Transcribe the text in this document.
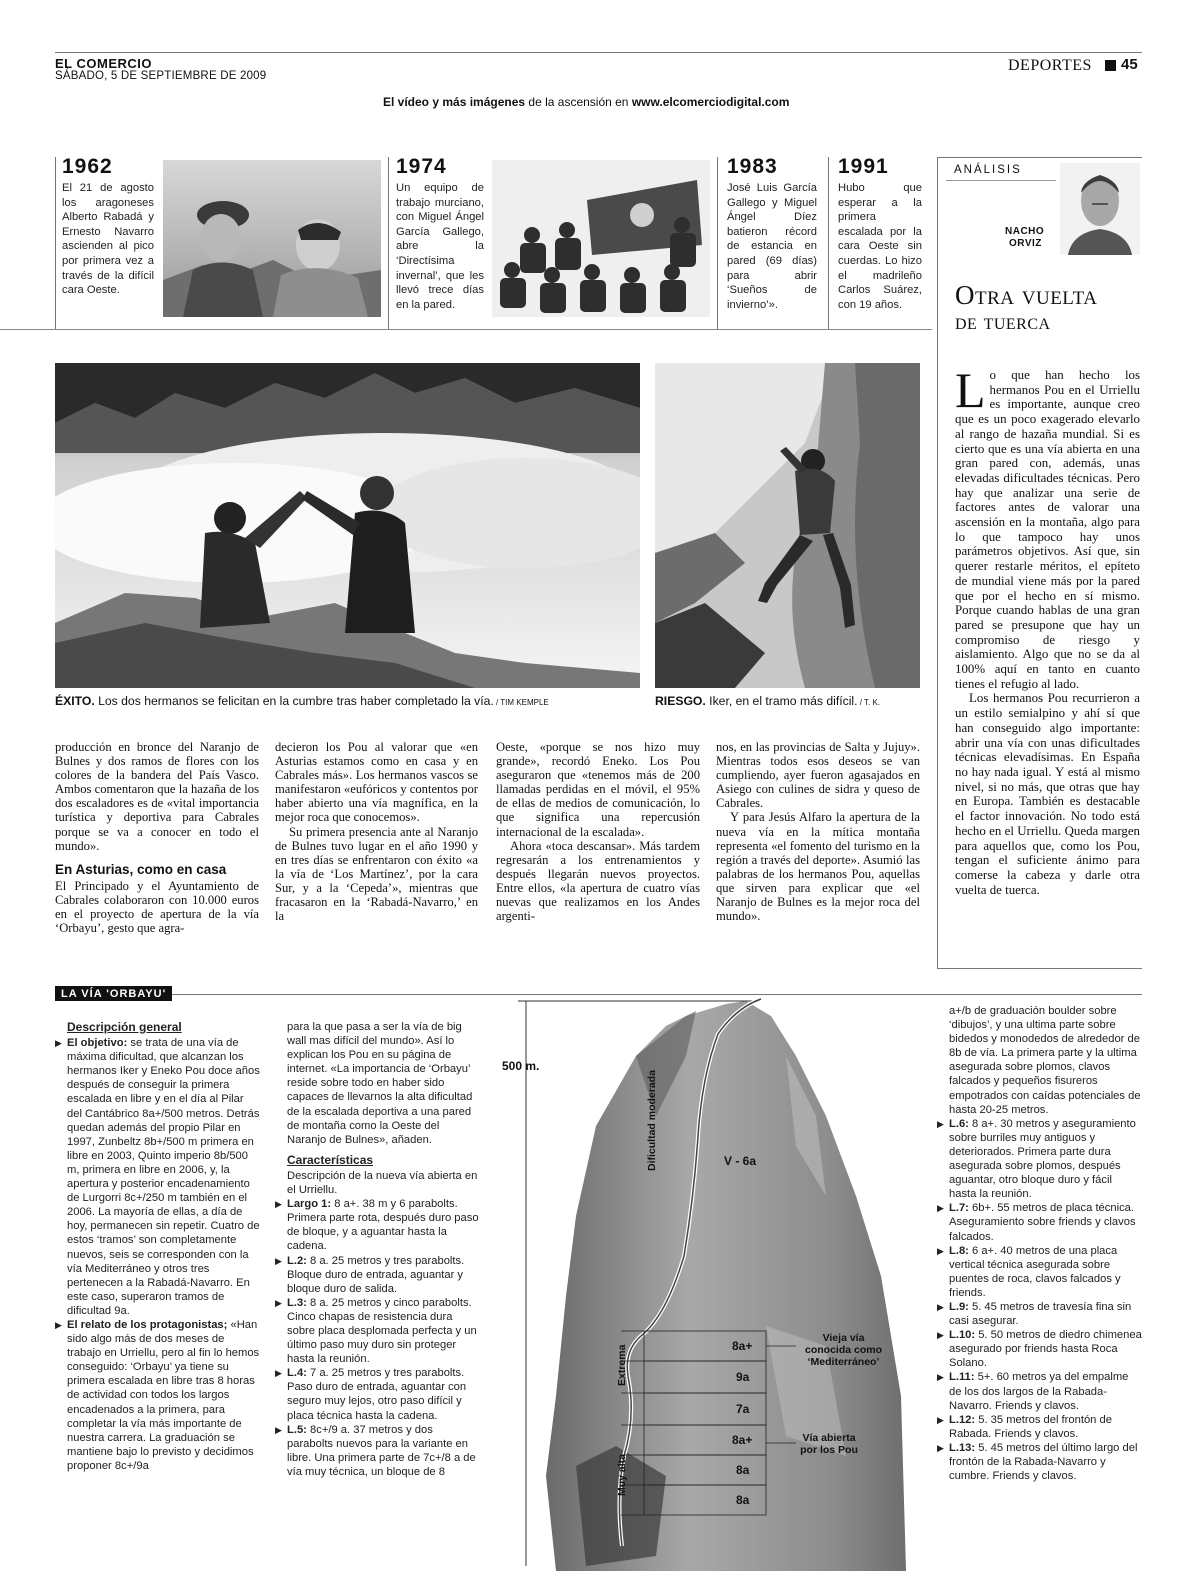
EL COMERCIO
SÁBADO, 5 DE SEPTIEMBRE DE 2009
DEPORTES 45
El vídeo y más imágenes de la ascensión en www.elcomerciodigital.com
1962
El 21 de agosto los aragoneses Alberto Rabadá y Ernesto Navarro ascienden al pico por primera vez a través de la difícil cara Oeste.
1974
Un equipo de trabajo murciano, con Miguel Ángel García Gallego, abre la ‘Directísima invernal’, que les llevó trece días en la pared.
1983
José Luis García Gallego y Miguel Ángel Díez batieron récord de estancia en pared (69 días) para abrir ‘Sueños de invierno’».
1991
Hubo que esperar a la primera escalada por la cara Oeste sin cuerdas. Lo hizo el madrileño Carlos Suárez, con 19 años.
ANÁLISIS
NACHO
ORVIZ
Otra vuelta
de tuerca

Lo que han hecho los hermanos Pou en el Urriellu es importante, aunque creo que es un poco exagerado elevarlo al rango de hazaña mundial. Si es cierto que es una vía abierta en una gran pared con, además, unas elevadas dificultades técnicas. Pero hay que analizar una serie de factores antes de valorar una ascensión en la montaña, algo para lo que tampoco hay unos parámetros objetivos. Así que, sin querer restarle méritos, el epíteto de mundial viene más por la pared que por el hecho en sí mismo. Porque cuando hablas de una gran pared se presupone que hay un compromiso de riesgo y aislamiento. Algo que no se da al 100% aquí en tanto en cuanto tienes el refugio al lado.

Los hermanos Pou recurrieron a un estilo semialpino y ahí sí que han conseguido algo importante: abrir una vía con unas dificultades técnicas elevadísimas. En España no hay nada igual. Y está al mismo nivel, si no más, que otras que hay en Europa. También es destacable el factor innovación. No todo está hecho en el Urriellu. Queda margen para aquellos que, como los Pou, tengan el suficiente ánimo para comerse la cabeza y darle otra vuelta de tuerca.

ÉXITO. Los dos hermanos se felicitan en la cumbre tras haber completado la vía. / TIM KEMPLE	RIESGO. Iker, en el tramo más difícil. / T. K.

producción en bronce del Naranjo de Bulnes y dos ramos de flores con los colores de la bandera del País Vasco. Ambos comentaron que la hazaña de los dos escaladores es de «vital importancia turística y deportiva para Cabrales porque se va a conocer en todo el mundo».

En Asturias, como en casa

El Principado y el Ayuntamiento de Cabrales colaboraron con 10.000 euros en el proyecto de apertura de la vía ‘Orbayu’, gesto que agra-

decieron los Pou al valorar que «en Asturias estamos como en casa y en Cabrales más». Los hermanos vascos se manifestaron «eufóricos y contentos por haber abierto una vía magnífica, en la mejor roca que conocemos».

Su primera presencia ante al Naranjo de Bulnes tuvo lugar en el año 1990 y en tres días se enfrentaron con éxito «a la vía de ‘Los Martínez’, por la cara Sur, y a la ‘Cepeda’», mientras que fracasaron en la ‘Rabadá-Navarro,’ en la

Oeste, «porque se nos hizo muy grande», recordó Eneko. Los Pou aseguraron que «tenemos más de 200 llamadas perdidas en el móvil, el 95% de ellas de medios de comunicación, lo que significa una repercusión internacional de la escalada».

Ahora «toca descansar». Más tardem regresarán a los entrenamientos y después llegarán nuevos proyectos. Entre ellos, «la apertura de cuatro vías nuevas que realizamos en los Andes argenti-

nos, en las provincias de Salta y Jujuy». Mientras todos esos deseos se van cumpliendo, ayer fueron agasajados en Asiego con culines de sidra y queso de Cabrales.

Y para Jesús Alfaro la apertura de la nueva vía en la mítica montaña representa «el fomento del turismo en la región a través del deporte». Asumió las palabras de los hermanos Pou, aquellas que sirven para explicar que «el Naranjo de Bulnes es la mejor roca del mundo».

LA VÍA 'ORBAYU'
Descripción general
▶ El objetivo: se trata de una vía de máxima dificultad, que alcanzan los hermanos Iker y Eneko Pou doce años después de conseguir la primera escalada en libre y en el día al Pilar del Cantábrico 8a+/500 metros. Detrás quedan además del propio Pilar en 1997, Zunbeltz 8b+/500 m primera en libre en 2003, Quinto imperio 8b/500 m, primera en libre en 2006, y, la apertura y posterior encadenamiento de Lurgorri 8c+/250 m también en el 2006. La mayoría de ellas, a día de hoy, permanecen sin repetir. Cuatro de estos ‘tramos’ son completamente nuevos, seis se corresponden con la vía Mediterráneo y otros tres pertenecen a la Rabadá-Navarro. En este caso, superaron tramos de dificultad 9a.
▶ El relato de los protagonistas; «Han sido algo más de dos meses de trabajo en Urriellu, pero al fin lo hemos conseguido: ‘Orbayu’ ya tiene su primera escalada en libre tras 8 horas de actividad con todos los largos encadenados a la primera, para completar la vía más importante de nuestra carrera. La graduación se mantiene bajo lo previsto y decidimos proponer 8c+/9a
para la que pasa a ser la vía de big wall mas difícil del mundo». Así lo explican los Pou en su página de internet. «La importancia de ‘Orbayu’ reside sobre todo en haber sido capaces de llevarnos la alta dificultad de la escalada deportiva a una pared de montaña como la Oeste del Naranjo de Bulnes», añaden.
Características
Descripción de la nueva vía abierta en el Urriellu.
▶ Largo 1: 8 a+. 38 m y 6 parabolts. Primera parte rota, después duro paso de bloque, y a aguantar hasta la cadena.
▶ L.2: 8 a. 25 metros y tres parabolts. Bloque duro de entrada, aguantar y bloque duro de salida.
▶ L.3: 8 a. 25 metros y cinco parabolts. Cinco chapas de resistencia dura sobre placa desplomada perfecta y un último paso muy duro sin proteger hasta la reunión.
▶ L.4: 7 a. 25 metros y tres parabolts. Paso duro de entrada, aguantar con seguro muy lejos, otro paso difícil y placa técnica hasta la cadena.
▶ L.5: 8c+/9 a. 37 metros y dos parabolts nuevos para la variante en libre. Una primera parte de 7c+/8 a de vía muy técnica, un bloque de 8
a+/b de graduación boulder sobre ‘dibujos’, y una ultima parte sobre bidedos y monodedos de alrededor de 8b de vía. La primera parte y la ultima asegurada sobre plomos, clavos falcados y pequeños fisureros empotrados con caídas potenciales de hasta 20-25 metros.
▶ L.6: 8 a+. 30 metros y aseguramiento sobre burriles muy antiguos y deteriorados. Primera parte dura asegurada sobre plomos, después aguantar, otro bloque duro y fácil hasta la reunión.
▶ L.7: 6b+. 55 metros de placa técnica. Aseguramiento sobre friends y clavos falcados.
▶ L.8: 6 a+. 40 metros de una placa vertical técnica asegurada sobre puentes de roca, clavos falcados y friends.
▶ L.9: 5. 45 metros de travesía fina sin casi asegurar.
▶ L.10: 5. 50 metros de diedro chimenea asegurado por friends hasta Roca Solano.
▶ L.11: 5+. 60 metros ya del empalme de los dos largos de la Rabada-Navarro. Friends y clavos.
▶ L.12: 5. 35 metros del frontón de Rabada. Friends y clavos.
▶ L.13: 5. 45 metros del último largo del frontón de la Rabada-Navarro y cumbre. Friends y clavos.
500 m.
Dificultad moderada	V - 6a
Extrema
Muy alta
8a+
9a
7a
8a+
8a
8a
Vieja vía
conocida como
‘Mediterráneo’
Vía abierta
por los Pou
